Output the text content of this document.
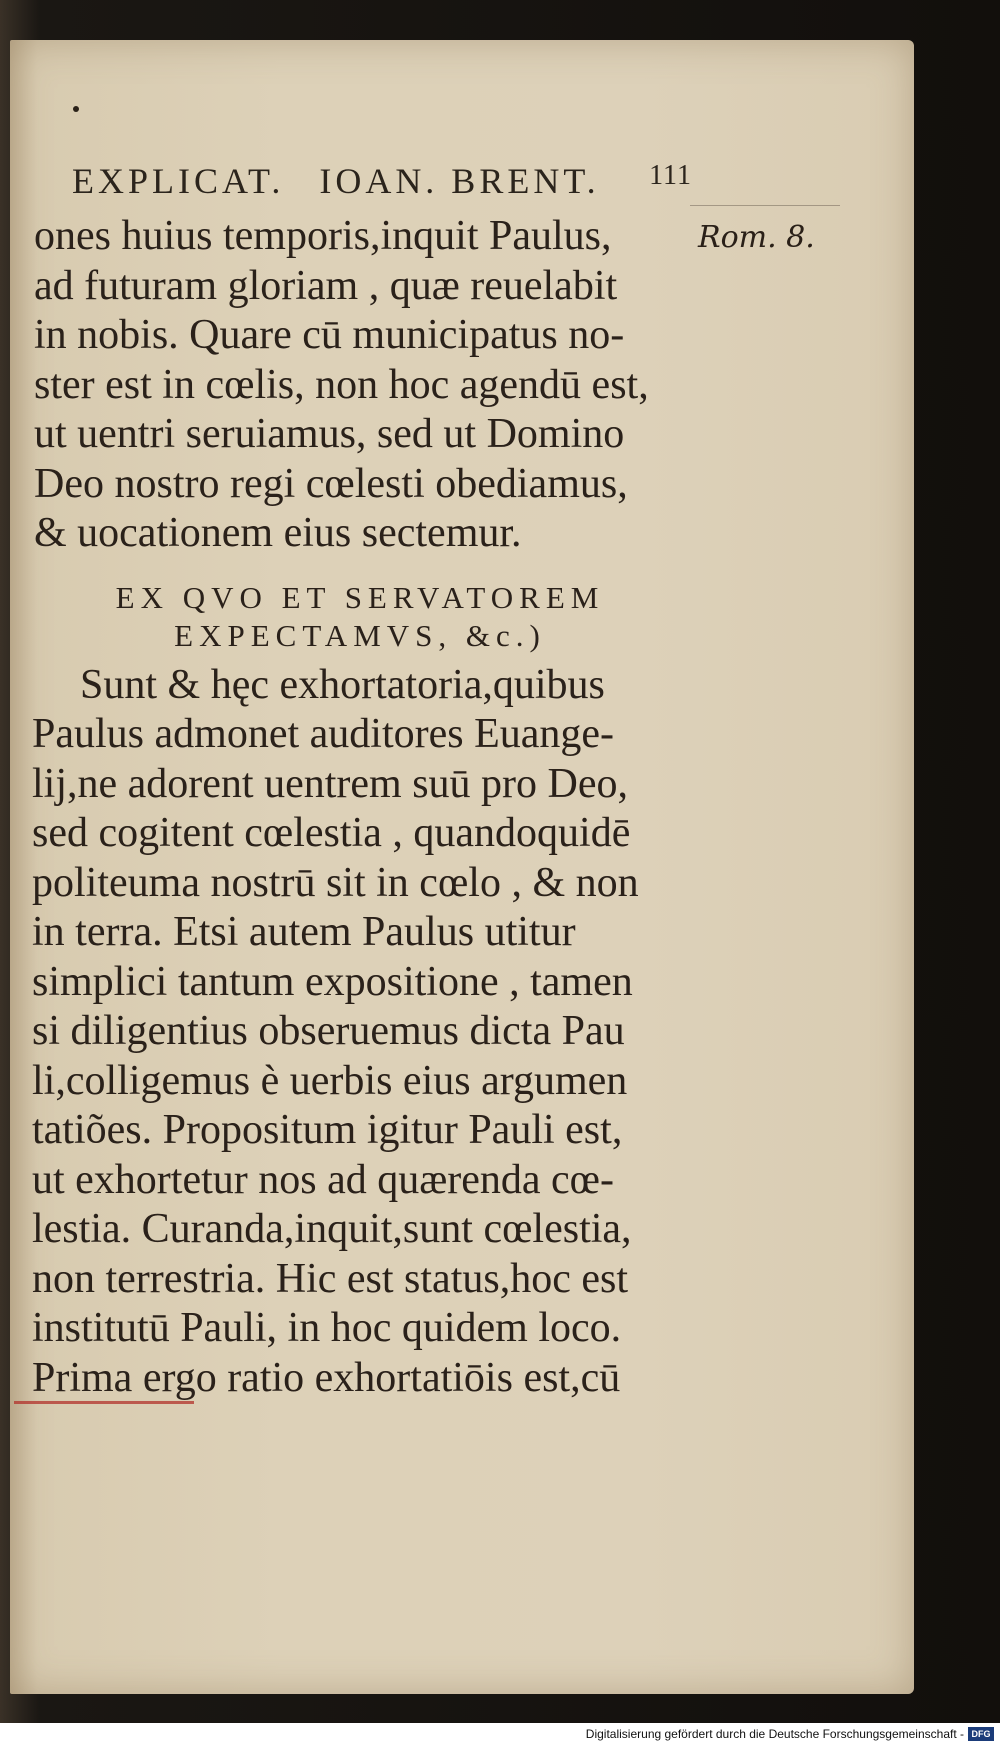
EXPLICAT. IOAN. BRENT. 111
Rom. 8.
ones huius temporis,inquit Paulus,
ad futuram gloriam , quæ reuelabit
in nobis. Quare cū municipatus no-
ster est in cœlis, non hoc agendū est,
ut uentri seruiamus, sed ut Domino
Deo nostro regi cœlesti obediamus,
& uocationem eius sectemur.
EX QVO ET SERVATOREM
EXPECTAMVS, &c.)
Sunt & hęc exhortatoria,quibus
Paulus admonet auditores Euange-
lij,ne adorent uentrem suū pro Deo,
sed cogitent cœlestia , quandoquidē
politeuma nostrū sit in cœlo , & non
in terra. Etsi autem Paulus utitur
simplici tantum expositione , tamen
si diligentius obseruemus dicta Pau
li,colligemus è uerbis eius argumen
tatiões. Propositum igitur Pauli est,
ut exhortetur nos ad quærenda cœ-
lestia. Curanda,inquit,sunt cœlestia,
non terrestria. Hic est status,hoc est
institutū Pauli, in hoc quidem loco.
Prima ergo ratio exhortatiōis est,cū
Digitalisierung gefördert durch die Deutsche Forschungsgemeinschaft - DFG
